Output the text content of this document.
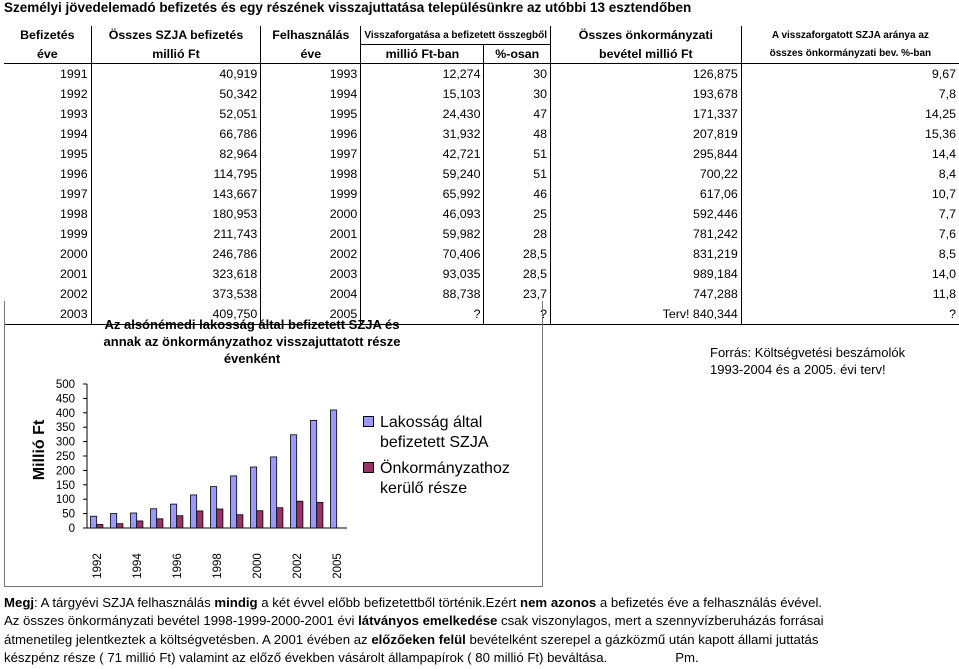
Személyi jövedelemadó befizetés és egy részének visszajuttatása településünkre az utóbbi 13 esztendőben
Befizetés	Összes SZJA befizetés	Felhasználás	Visszaforgatása a befizetett összegből		Összes önkormányzati	A visszaforgatott SZJA aránya az
éve	millió Ft	éve	millió Ft-ban	%-osan	bevétel millió Ft	összes önkormányzati bev. %-ban
1991	40,919	1993	12,274	30	126,875	9,67
1992	50,342	1994	15,103	30	193,678	7,8
1993	52,051	1995	24,430	47	171,337	14,25
1994	66,786	1996	31,932	48	207,819	15,36
1995	82,964	1997	42,721	51	295,844	14,4
1996	114,795	1998	59,240	51	700,22	8,4
1997	143,667	1999	65,992	46	617,06	10,7
1998	180,953	2000	46,093	25	592,446	7,7
1999	211,743	2001	59,982	28	781,242	7,6
2000	246,786	2002	70,406	28,5	831,219	8,5
2001	323,618	2003	93,035	28,5	989,184	14,0
2002	373,538	2004	88,738	23,7	747,288	11,8
2003	409,750	2005	?	?	Terv! 840,344	?
Az alsónémedi lakosság által befizetett SZJA és annak az önkormányzathoz visszajuttatott része évenként
Millió Ft
0
50
100
150
200
250
300
350
400
450
500
1992 1994 1996 1998 2000 2002 2005
Lakosság által
befizetett SZJA
Önkormányzathoz
kerülő része
Forrás: Költségvetési beszámolók
1993-2004 és a 2005. évi terv!

Megj: A tárgyévi SZJA felhasználás mindig a két évvel előbb befizetettből történik.Ezért nem azonos a befizetés éve a felhasználás évével.

Az összes önkormányzati bevétel 1998-1999-2000-2001 évi látványos emelkedése csak viszonylagos, mert a szennyvízberuházás forrásai

átmenetileg jelentkeztek a költségvetésben. A 2001 évében az előzőeken felül bevételként szerepel a gázközmű után kapott állami juttatás

készpénz része ( 71 millió Ft) valamint az előző években vásárolt állampapírok ( 80 millió Ft) beváltása.	Pm.
